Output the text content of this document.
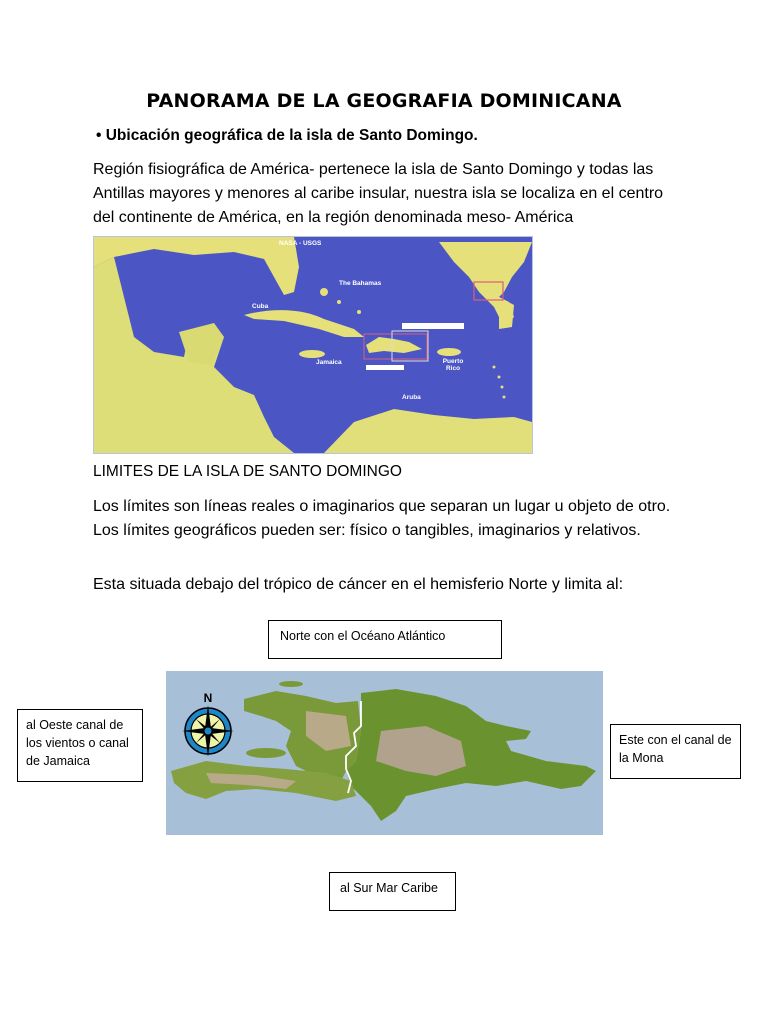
PANORAMA DE LA GEOGRAFIA DOMINICANA
• Ubicación geográfica de la isla de Santo Domingo.
Región fisiográfica de América- pertenece la isla de Santo Domingo y todas las Antillas mayores y menores al caribe insular, nuestra isla se localiza en el centro del continente de América, en la región denominada meso- América
NASA - USGS
The Bahamas
Cuba
Jamaica	Puerto Rico
Aruba
LIMITES DE LA ISLA DE SANTO DOMINGO
Los límites son líneas reales o imaginarios que separan un lugar u objeto de otro. Los límites geográficos pueden ser: físico o tangibles, imaginarios y relativos.
Esta situada debajo del trópico de cáncer en el hemisferio Norte y limita al:
Norte con el Océano Atlántico
al Oeste canal de los vientos o canal de Jamaica
Este con el canal de la Mona
al Sur Mar Caribe
N
